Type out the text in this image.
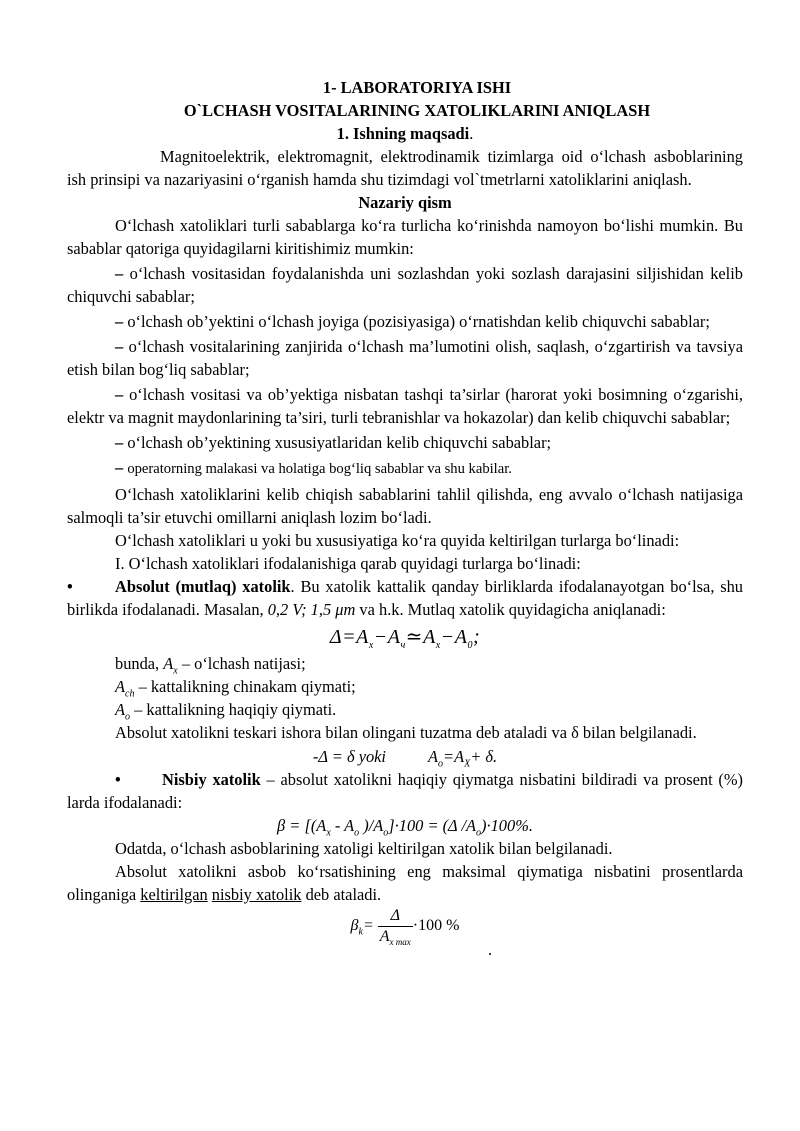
1- LABORATORIYA ISHI
O`LCHASH VOSITALARINING XATOLIKLARINI ANIQLASH
1. Ishning maqsadi.

Magnitoelektrik, elektromagnit, elektrodinamik tizimlarga oid o‘lchash asboblarining ish prinsipi va nazariyasini o‘rganish hamda shu tizimdagi vol`tmetrlarni xatoliklarini aniqlash.

Nazariy qism

O‘lchash xatoliklari turli sabablarga ko‘ra turlicha ko‘rinishda namoyon bo‘lishi mumkin. Bu sabablar qatoriga quyidagilarni kiritishimiz mumkin:

– o‘lchash vositasidan foydalanishda uni sozlashdan yoki sozlash darajasini siljishidan kelib chiquvchi sabablar;

– o‘lchash ob’yektini o‘lchash joyiga (pozisiyasiga) o‘rnatishdan kelib chiquvchi sabablar;

– o‘lchash vositalarining zanjirida o‘lchash ma’lumotini olish, saqlash, o‘zgartirish va tavsiya etish bilan bog‘liq sabablar;

– o‘lchash vositasi va ob’yektiga nisbatan tashqi ta’sirlar (harorat yoki bosimning o‘zgarishi, elektr va magnit maydonlarining ta’siri, turli tebranishlar va hokazolar) dan kelib chiquvchi sabablar;

– o‘lchash ob’yektining xususiyatlaridan kelib chiquvchi sabablar;

– operatorning malakasi va holatiga bog‘liq sabablar va shu kabilar.

O‘lchash xatoliklarini kelib chiqish sabablarini tahlil qilishda, eng avvalo o‘lchash natijasiga salmoqli ta’sir etuvchi omillarni aniqlash lozim bo‘ladi.

O‘lchash xatoliklari u yoki bu xususiyatiga ko‘ra quyida keltirilgan turlarga bo‘linadi:

I. O‘lchash xatoliklari ifodalanishiga qarab quyidagi turlarga bo‘linadi:

•	Absolut (mutlaq) xatolik. Bu xatolik kattalik qanday birliklarda ifodalanayotgan bo‘lsa, shu birlikda ifodalanadi. Masalan, 0,2 V; 1,5 μm va h.k. Mutlaq xatolik quyidagicha aniqlanadi:

$\Delta=A_x-A_ч≃A_x-A_0$;
bunda, $A_x$ – o‘lchash natijasi;
$A_{ch}$ – kattalikning chinakam qiymati;
$A_o$ – kattalikning haqiqiy qiymati.

Absolut xatolikni teskari ishora bilan olingani tuzatma deb ataladi va δ bilan belgilanadi.

-Δ = δ yoki	$A_o=A_X+ \delta$.

•	Nisbiy xatolik – absolut xatolikni haqiqiy qiymatga nisbatini bildiradi va prosent (%) larda ifodalanadi:

$\beta = [(A_x - A_o$ )$/A_o]\cdot 100 = (\Delta$ $/A_o)\cdot 100\%$.

Odatda, o‘lchash asboblarining xatoligi keltirilgan xatolik bilan belgilanadi.

Absolut xatolikni asbob ko‘rsatishining eng maksimal qiymatiga nisbatini prosentlarda olinganiga keltirilgan nisbiy xatolik deb ataladi.

$\beta_k= \Delta$
$A_{x max}\cdot 100$ %
.
